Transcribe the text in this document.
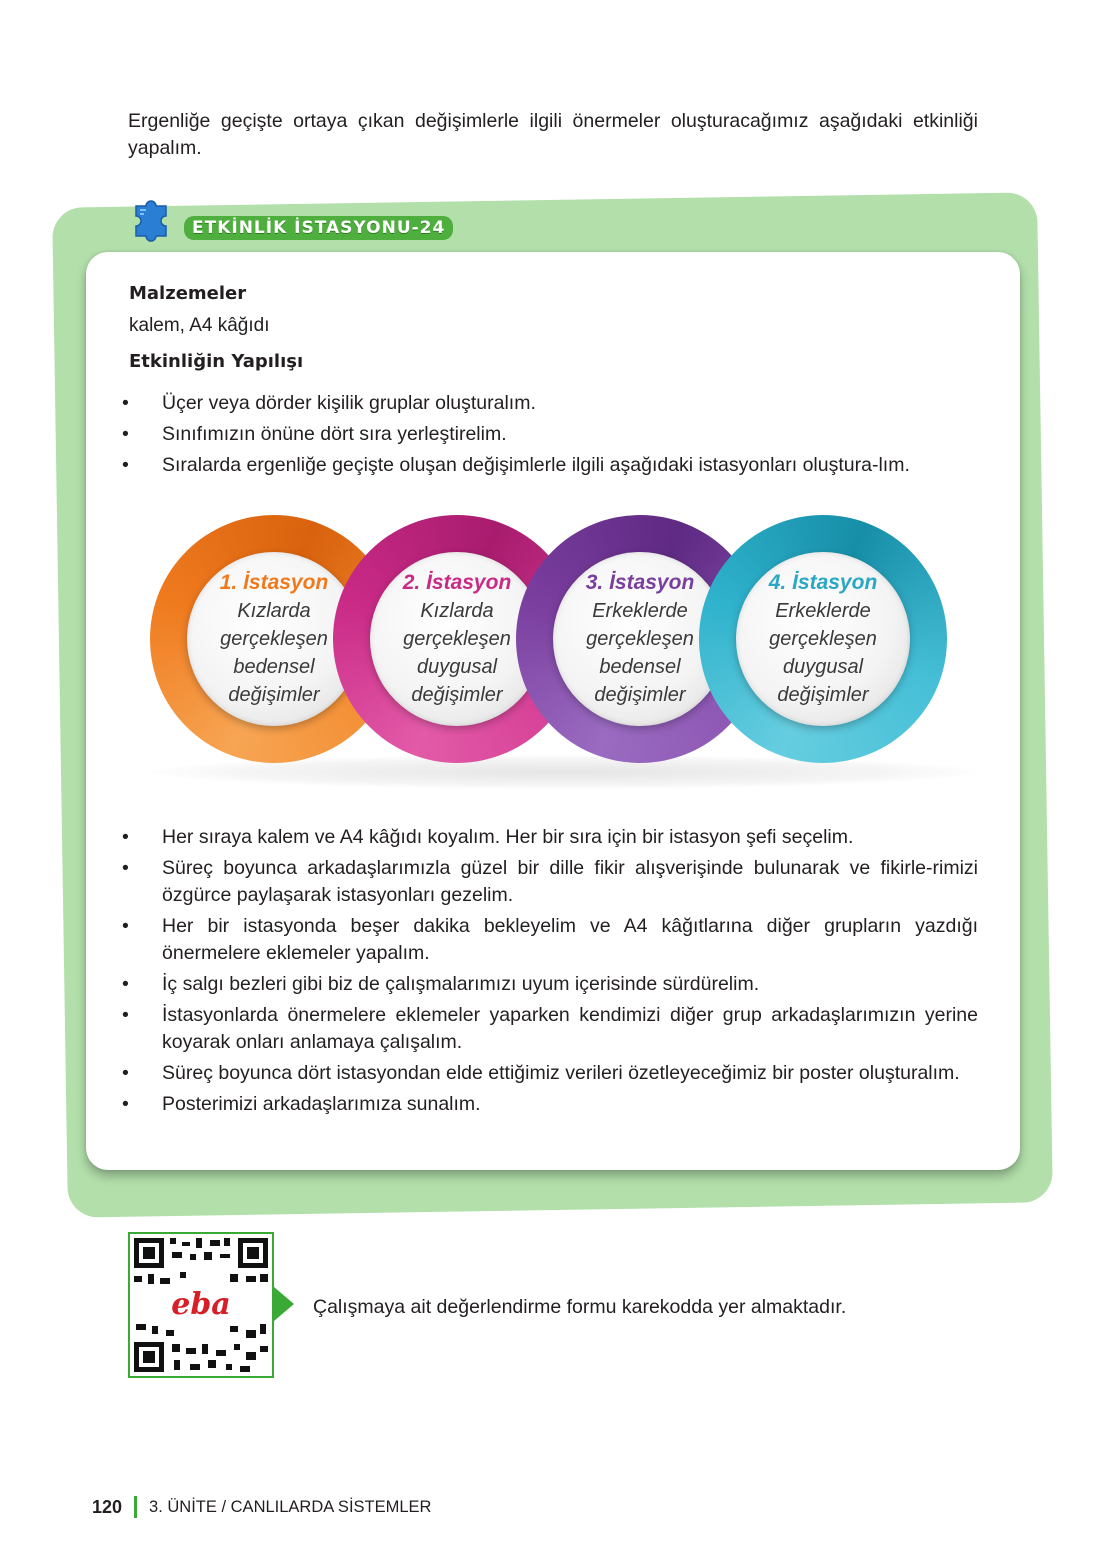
Ergenliğe geçişte ortaya çıkan değişimlerle ilgili önermeler oluşturacağımız aşağıdaki etkinliği yapalım.
ETKİNLİK İSTASYONU-24
Malzemeler
kalem, A4 kâğıdı
Etkinliğin Yapılışı
• Üçer veya dörder kişilik gruplar oluşturalım.
• Sınıfımızın önüne dört sıra yerleştirelim.
• Sıralarda ergenliğe geçişte oluşan değişimlerle ilgili aşağıdaki istasyonları oluştura-lım.
1. İstasyon
Kızlarda
gerçekleşen
bedensel
değişimler
2. İstasyon
Kızlarda
gerçekleşen
duygusal
değişimler
3. İstasyon
Erkeklerde
gerçekleşen
bedensel
değişimler
4. İstasyon
Erkeklerde
gerçekleşen
duygusal
değişimler
• Her sıraya kalem ve A4 kâğıdı koyalım. Her bir sıra için bir istasyon şefi seçelim.
• Süreç boyunca arkadaşlarımızla güzel bir dille fikir alışverişinde bulunarak ve fikirle-rimizi özgürce paylaşarak istasyonları gezelim.
• Her bir istasyonda beşer dakika bekleyelim ve A4 kâğıtlarına diğer grupların yazdığı önermelere eklemeler yapalım.
• İç salgı bezleri gibi biz de çalışmalarımızı uyum içerisinde sürdürelim.
• İstasyonlarda önermelere eklemeler yaparken kendimizi diğer grup arkadaşlarımızın yerine koyarak onları anlamaya çalışalım.
• Süreç boyunca dört istasyondan elde ettiğimiz verileri özetleyeceğimiz bir poster oluşturalım.
• Posterimizi arkadaşlarımıza sunalım.
eba	Çalışmaya ait değerlendirme formu karekodda yer almaktadır.
120 3. ÜNİTE / CANLILARDA SİSTEMLER
